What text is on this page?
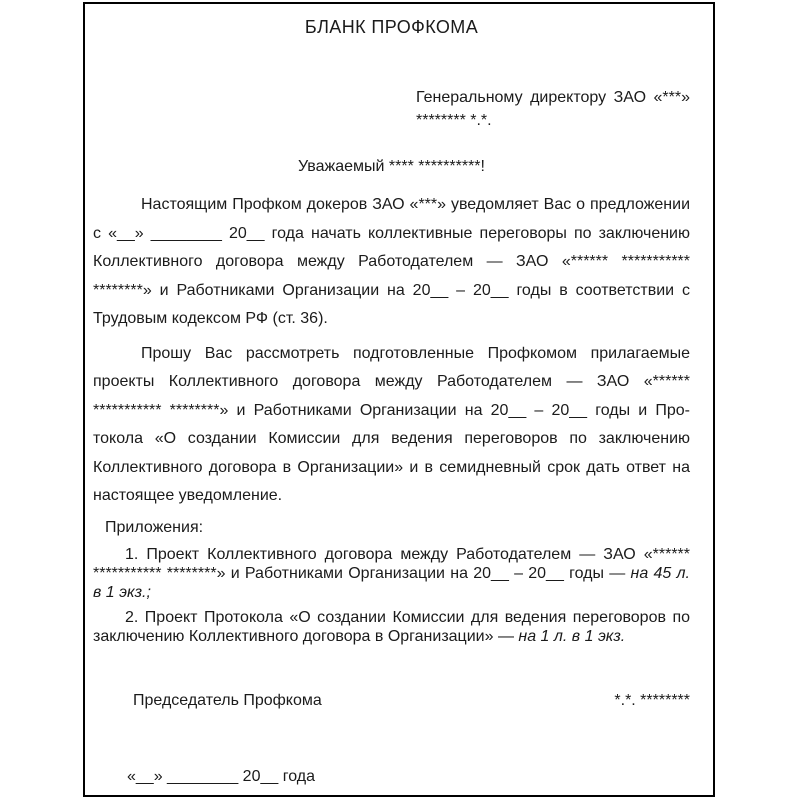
БЛАНК ПРОФКОМА
Генеральному директору ЗАО «***»
******** *.*.
Уважаемый **** **********!
Настоящим Профком докеров ЗАО «***» уведомляет Вас о предложении с «__» ________ 20__ года начать коллективные переговоры по заключению Коллективного договора между Работодателем — ЗАО «****** *********** ********» и Работниками Организации на 20__ – 20__ годы в соответствии с Трудовым кодексом РФ (ст. 36).
Прошу Вас рассмотреть подготовленные Профкомом прилагаемые проекты Коллективного договора между Работодателем — ЗАО «****** *********** ********» и Работниками Организации на 20__ – 20__ годы и Протокола «О создании Комиссии для ведения переговоров по заключению Коллективного договора в Организации» и в семидневный срок дать ответ на настоящее уведомление.
Приложения:
1. Проект Коллективного договора между Работодателем — ЗАО «****** *********** ********» и Работниками Организации на 20__ – 20__ годы — на 45 л. в 1 экз.;
2. Проект Протокола «О создании Комиссии для ведения переговоров по заключению Коллективного договора в Организации» — на 1 л. в 1 экз.
Председатель Профкома	*.*. ********
«__» ________ 20__ года
